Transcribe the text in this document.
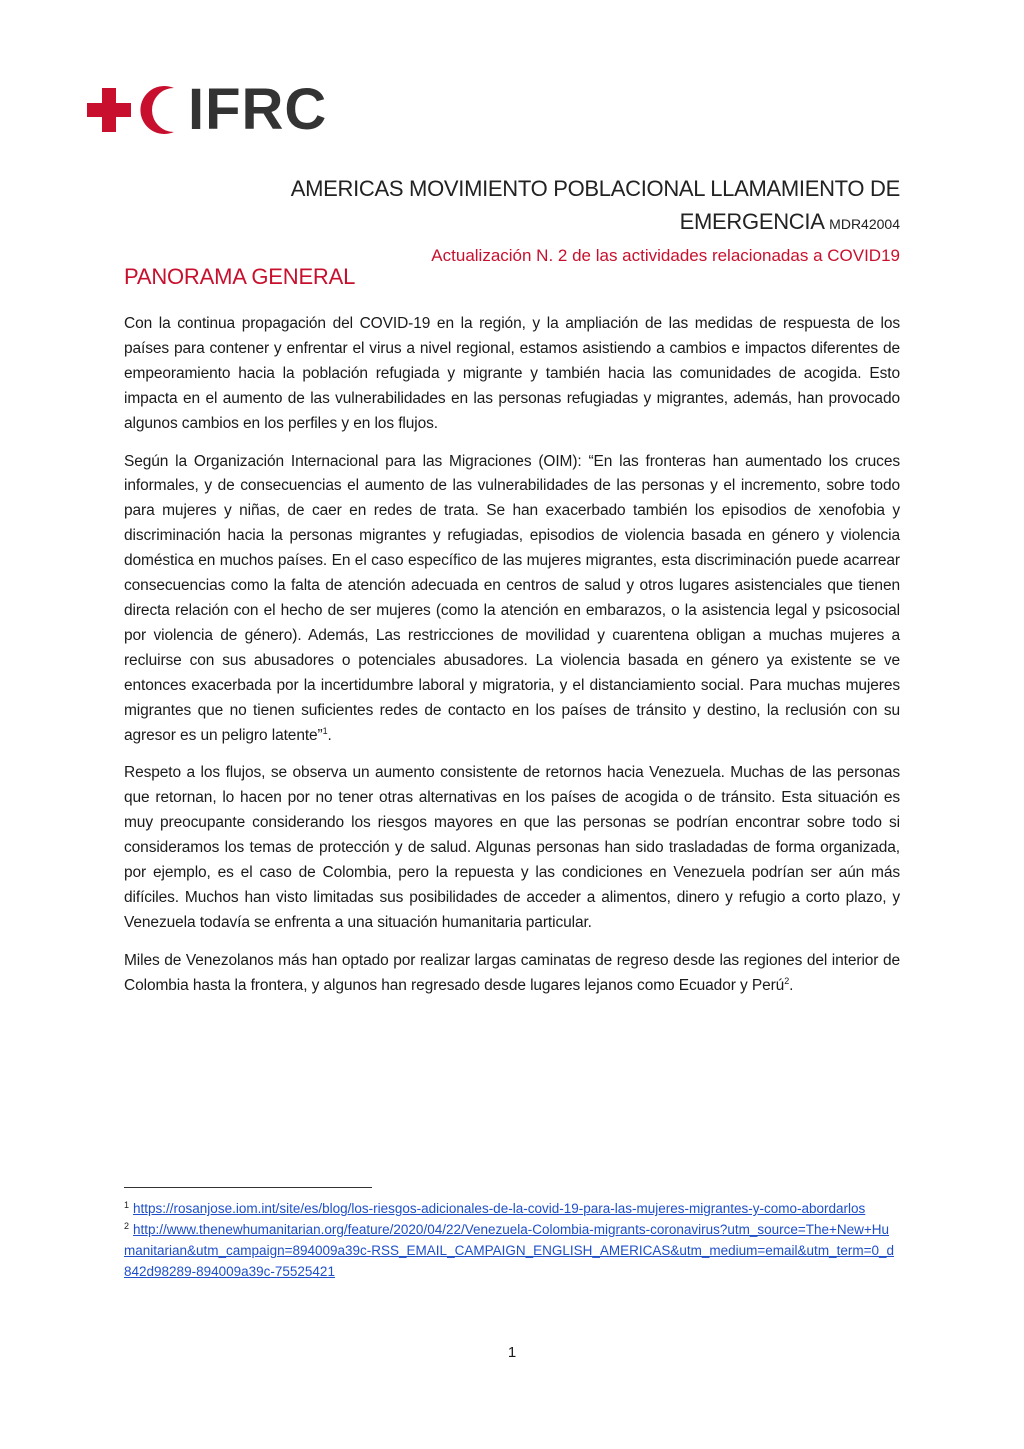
IFRC
AMERICAS MOVIMIENTO POBLACIONAL LLAMAMIENTO DE
EMERGENCIA MDR42004
Actualización N. 2 de las actividades relacionadas a COVID19
PANORAMA GENERAL

Con la continua propagación del COVID-19 en la región, y la ampliación de las medidas de respuesta de los países para contener y enfrentar el virus a nivel regional, estamos asistiendo a cambios e impactos diferentes de empeoramiento hacia la población refugiada y migrante y también hacia las comunidades de acogida. Esto impacta en el aumento de las vulnerabilidades en las personas refugiadas y migrantes, además, han provocado algunos cambios en los perfiles y en los flujos.

Según la Organización Internacional para las Migraciones (OIM): “En las fronteras han aumentado los cruces informales, y de consecuencias el aumento de las vulnerabilidades de las personas y el incremento, sobre todo para mujeres y niñas, de caer en redes de trata. Se han exacerbado también los episodios de xenofobia y discriminación hacia la personas migrantes y refugiadas, episodios de violencia basada en género y violencia doméstica en muchos países. En el caso específico de las mujeres migrantes, esta discriminación puede acarrear consecuencias como la falta de atención adecuada en centros de salud y otros lugares asistenciales que tienen directa relación con el hecho de ser mujeres (como la atención en embarazos, o la asistencia legal y psicosocial por violencia de género). Además, Las restricciones de movilidad y cuarentena obligan a muchas mujeres a recluirse con sus abusadores o potenciales abusadores. La violencia basada en género ya existente se ve entonces exacerbada por la incertidumbre laboral y migratoria, y el distanciamiento social. Para muchas mujeres migrantes que no tienen suficientes redes de contacto en los países de tránsito y destino, la reclusión con su agresor es un peligro latente”$^1$.

Respeto a los flujos, se observa un aumento consistente de retornos hacia Venezuela. Muchas de las personas que retornan, lo hacen por no tener otras alternativas en los países de acogida o de tránsito. Esta situación es muy preocupante considerando los riesgos mayores en que las personas se podrían encontrar sobre todo si consideramos los temas de protección y de salud. Algunas personas han sido trasladadas de forma organizada, por ejemplo, es el caso de Colombia, pero la repuesta y las condiciones en Venezuela podrían ser aún más difíciles. Muchos han visto limitadas sus posibilidades de acceder a alimentos, dinero y refugio a corto plazo, y Venezuela todavía se enfrenta a una situación humanitaria particular.

Miles de Venezolanos más han optado por realizar largas caminatas de regreso desde las regiones del interior de Colombia hasta la frontera, y algunos han regresado desde lugares lejanos como Ecuador y Perú$^2$.

$^1$ https://rosanjose.iom.int/site/es/blog/los-riesgos-adicionales-de-la-covid-19-para-las-mujeres-migrantes-y-como-abordarlos
$^2$ http://www.thenewhumanitarian.org/feature/2020/04/22/Venezuela-Colombia-migrants-coronavirus?utm_source=The+New+Humanitarian&utm_campaign=894009a39c-RSS_EMAIL_CAMPAIGN_ENGLISH_AMERICAS&utm_medium=email&utm_term=0_d842d98289-894009a39c-75525421
1
